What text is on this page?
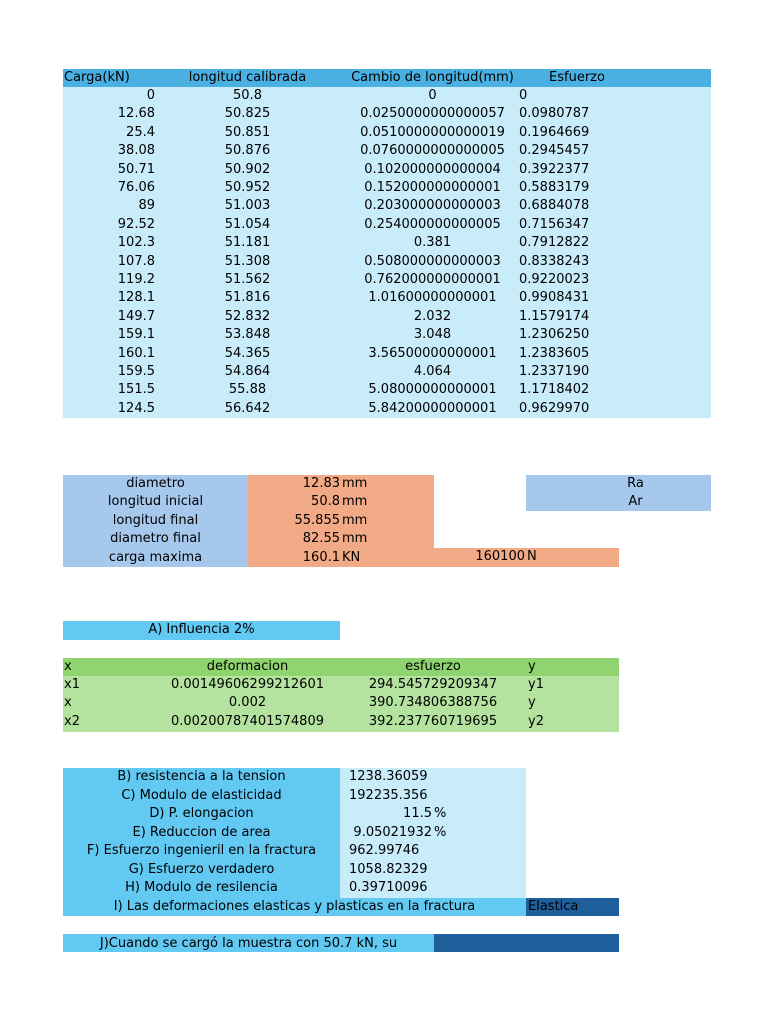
Carga(kN)	longitud calibrada	Cambio de longitud(mm)	Esfuerzo
0	50.8	0	0
12.68	50.825	0.0250000000000057	0.0980787
25.4	50.851	0.0510000000000019	0.1964669
38.08	50.876	0.0760000000000005	0.2945457
50.71	50.902	0.102000000000004	0.3922377
76.06	50.952	0.152000000000001	0.5883179
89	51.003	0.203000000000003	0.6884078
92.52	51.054	0.254000000000005	0.7156347
102.3	51.181	0.381	0.7912822
107.8	51.308	0.508000000000003	0.8338243
119.2	51.562	0.762000000000001	0.9220023
128.1	51.816	1.01600000000001	0.9908431
149.7	52.832	2.032	1.1579174
159.1	53.848	3.048	1.2306250
160.1	54.365	3.56500000000001	1.2383605
159.5	54.864	4.064	1.2337190
151.5	55.88	5.08000000000001	1.1718402
124.5	56.642	5.84200000000001	0.9629970
diametro	12.83 mm
longitud inicial	50.8 mm
longitud final	55.855 mm
diametro final	82.55 mm
carga maxima	160.1 KN	160100 N
Ra
Ar
A) Influencia 2%
x	deformacion	esfuerzo	y
x1	0.00149606299212601	294.545729209347	y1
x	0.002	390.734806388756	y
x2	0.00200787401574809	392.237760719695	y2
B) resistencia a la tension	1238.36059
C) Modulo de elasticidad	192235.356
D) P. elongacion	11.5 %
E) Reduccion de area	9.05021932 %
F) Esfuerzo ingenieril en la fractura	962.99746
G) Esfuerzo verdadero	1058.82329
H) Modulo de resilencia	0.39710096
I) Las deformaciones elasticas y plasticas en la fractura	Elastica
J)Cuando se cargó la muestra con 50.7 kN, su
